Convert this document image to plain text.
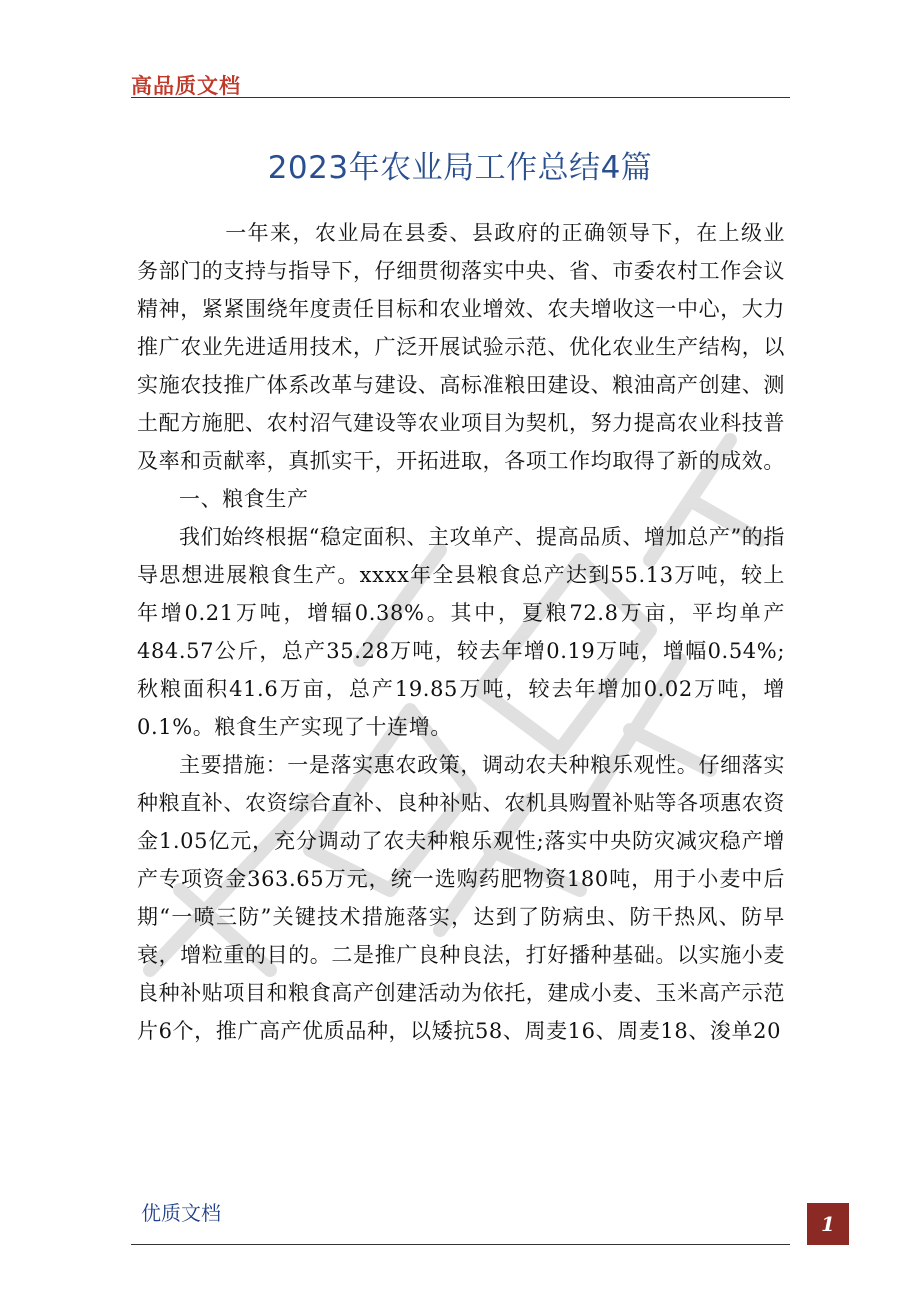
高品质文档
2023年农业局工作总结4篇

一年来，农业局在县委、县政府的正确领导下，在上级业务部门的支持与指导下，仔细贯彻落实中央、省、市委农村工作会议精神，紧紧围绕年度责任目标和农业增效、农夫增收这一中心，大力推广农业先进适用技术，广泛开展试验示范、优化农业生产结构，以实施农技推广体系改革与建设、高标准粮田建设、粮油高产创建、测土配方施肥、农村沼气建设等农业项目为契机，努力提高农业科技普及率和贡献率，真抓实干，开拓进取，各项工作均取得了新的成效。

一、粮食生产

我们始终根据“稳定面积、主攻单产、提高品质、增加总产”的指导思想进展粮食生产。xxxx年全县粮食总产达到55.13万吨，较上年增0.21万吨，增辐0.38%。其中，夏粮72.8万亩，平均单产484.57公斤，总产35.28万吨，较去年增0.19万吨，增幅0.54%;秋粮面积41.6万亩，总产19.85万吨，较去年增加0.02万吨，增0.1%。粮食生产实现了十连增。

主要措施：一是落实惠农政策，调动农夫种粮乐观性。仔细落实种粮直补、农资综合直补、良种补贴、农机具购置补贴等各项惠农资金1.05亿元，充分调动了农夫种粮乐观性;落实中央防灾减灾稳产增产专项资金363.65万元，统一选购药肥物资180吨，用于小麦中后期“一喷三防”关键技术措施落实，达到了防病虫、防干热风、防早衰，增粒重的目的。二是推广良种良法，打好播种基础。以实施小麦良种补贴项目和粮食高产创建活动为依托，建成小麦、玉米高产示范片6个，推广高产优质品种，以矮抗58、周麦16、周麦18、浚单20

优质文档	1
